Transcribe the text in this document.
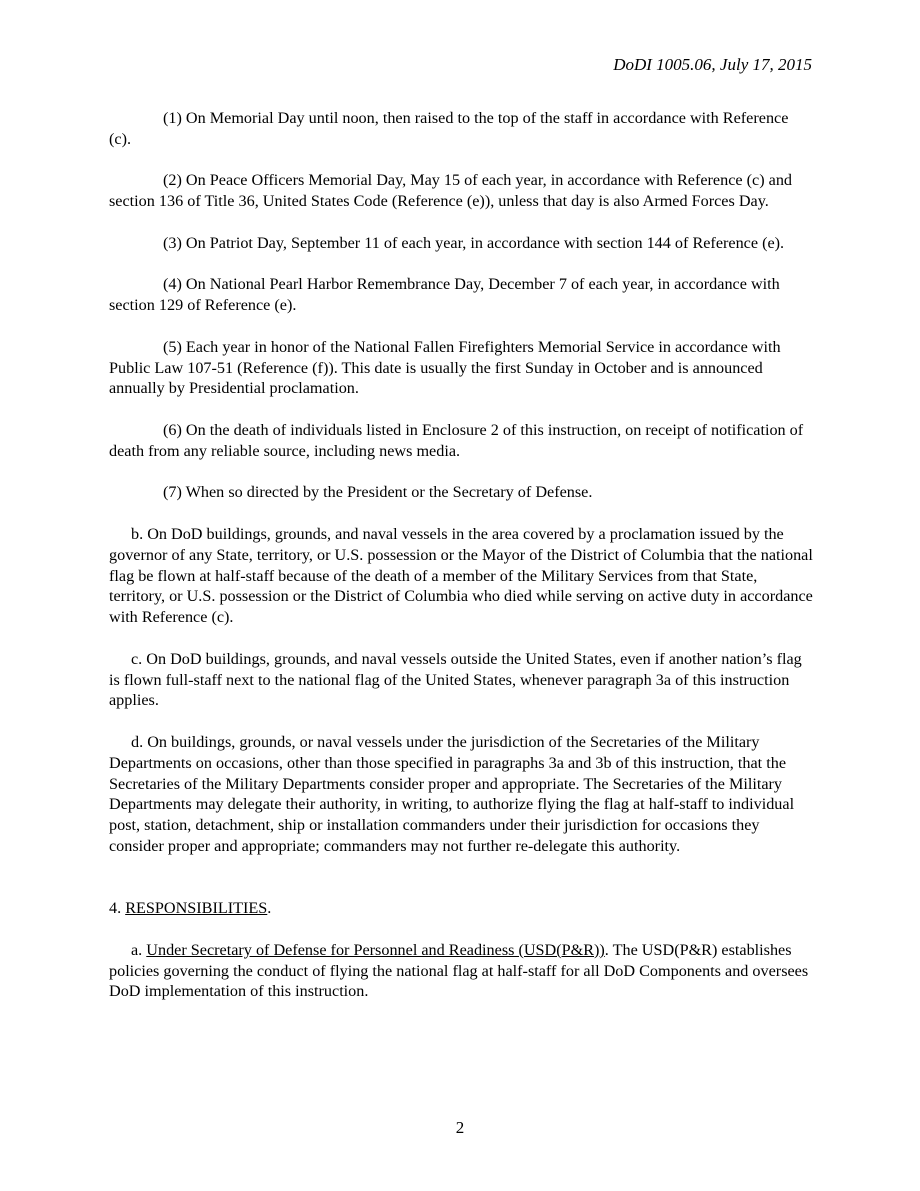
DoDI 1005.06, July 17, 2015

(1) On Memorial Day until noon, then raised to the top of the staff in accordance with Reference (c).

(2) On Peace Officers Memorial Day, May 15 of each year, in accordance with Reference (c) and section 136 of Title 36, United States Code (Reference (e)), unless that day is also Armed Forces Day.

(3) On Patriot Day, September 11 of each year, in accordance with section 144 of Reference (e).

(4) On National Pearl Harbor Remembrance Day, December 7 of each year, in accordance with section 129 of Reference (e).

(5) Each year in honor of the National Fallen Firefighters Memorial Service in accordance with Public Law 107-51 (Reference (f)). This date is usually the first Sunday in October and is announced annually by Presidential proclamation.

(6) On the death of individuals listed in Enclosure 2 of this instruction, on receipt of notification of death from any reliable source, including news media.

(7) When so directed by the President or the Secretary of Defense.

b. On DoD buildings, grounds, and naval vessels in the area covered by a proclamation issued by the governor of any State, territory, or U.S. possession or the Mayor of the District of Columbia that the national flag be flown at half-staff because of the death of a member of the Military Services from that State, territory, or U.S. possession or the District of Columbia who died while serving on active duty in accordance with Reference (c).

c. On DoD buildings, grounds, and naval vessels outside the United States, even if another nation’s flag is flown full-staff next to the national flag of the United States, whenever paragraph 3a of this instruction applies.

d. On buildings, grounds, or naval vessels under the jurisdiction of the Secretaries of the Military Departments on occasions, other than those specified in paragraphs 3a and 3b of this instruction, that the Secretaries of the Military Departments consider proper and appropriate. The Secretaries of the Military Departments may delegate their authority, in writing, to authorize flying the flag at half-staff to individual post, station, detachment, ship or installation commanders under their jurisdiction for occasions they consider proper and appropriate; commanders may not further re-delegate this authority.

4. RESPONSIBILITIES.

a. Under Secretary of Defense for Personnel and Readiness (USD(P&R)). The USD(P&R) establishes policies governing the conduct of flying the national flag at half-staff for all DoD Components and oversees DoD implementation of this instruction.

2
